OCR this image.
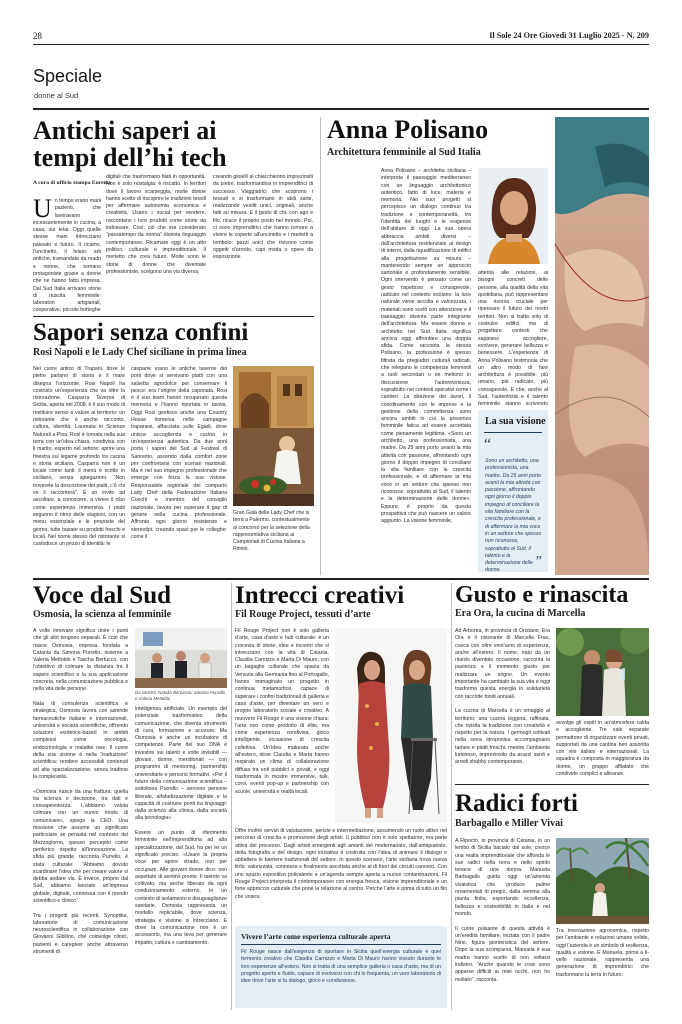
28	Il Sole 24 Ore Giovedì 31 Luglio 2025 - N. 209
Speciale
donne al Sud
Antichi saperi ai
tempi dell’hi tech
A cura di ufficio stampa Eurema
U n tempo erano mani pazienti, che lavoravano incessantemente in cucina, a casa, sui telai. Oggi quelle stesse mani intrecciano passato e futuro. Il ricamo, l’uncinetto, il telaio: arti antiche, tramandate da madri e nonne, che tornano protagoniste grazie a donne che ne hanno fatto impresa. Dal Sud Italia arrivano storie di riuscita femminile: laboratori artigianali, cooperative, piccole botteghe
digitali che trasformano filati in opportunità. Non è solo nostalgia: è riscatto. In territori dove il lavoro scarseggia, molte donne hanno scelto di riscoprire le tradizioni tessili per affermare autonomia economica e creatività. Usano i social per vendere, raccontano i loro prodotti come storie da indossare. Così, ciò che era considerato “passatempo da nonna” diventa linguaggio contemporaneo. Ricamare oggi è un atto politico, culturale e imprenditoriale. Il merletto che crea futuro. Molte sono le storie di donne che diventate professioniste, scelgono una via diversa,
creando gioielli al chiacchierino impreziositi da pietre, trasformandosi in imprenditrici di successo. Viaggiatrici che scoprono i tessuti e si trasformano in abili sarte, realizzando vestiti unici, originali, anche fatti su misura. E il gesto di chi, con ago e filo, ricuce il proprio posto nel mondo. Poi, ci sono imprenditrici che hanno tornare a vivere le coperte all’uncinetto e i merletti a tombolo: pezzi unici che rivivono come oggetti d’arredo, capi moda o opere da esposizione.
Sapori senza confini
Rosi Napoli e le Lady Chef siciliane in prima linea
Nel cuore antico di Trapani, dove le pietre parlano di storia e il mare disegna l’orizzonte, Rosi Napoli ha costruito un’esperienza che va oltre la ristorazione. Casparra Taverna di Sicilia, aperta nel 2008, è il suo modo di restituire senso e valore al territorio: un ristorante che è anche racconto, cultura, identità. Laureata in Scienze Naturali a Pisa, Rosi è tornata nella sua terra con un’idea chiara, condivisa con il marito, esperto nel settore: aprire una finestra sul legame profondo tra cucina e storia siciliana. Casparra non è un locale come tanti: il menù è scritto in siciliano, senza spiegazioni. “Non troverete la descrizione dei piatti, c’è chi ve li racconterà”. È un invito ad ascoltare, a conoscere, a vivere il cibo come esperienza immersiva. I piatti seguono il ritmo delle stagioni, con un menu essenziale e le proposte del giorno, tutte basate su prodotti freschi e locali. Nel nome stesso del ristorante si custodisce un pezzo di identità: le
casparre erano le antiche taverne dei porti dove si servivano piatti con una salsetta agrodolce per conservare il pesce: era l’origine della caponata. Rosi è il suo team hanno recuperato questa memoria e l’hanno riportata in tavola. Oggi Rosi gestisce anche una Country House immersa nelle campagne trapanesi, affacciata sulle Egadi, dove unisce accoglienza e cucina in un’esperienza autentica. Da due anni porta i sapori del Sud al Festival di Sanremo, ascendo dalla comfort zone per confrontarsi con scenari nazionali. Ma è nel suo impegno professionale che emerge con forza la sua visione. Responsabile regionale del comparto Lady Chef della Federazione Italiana Cuochi e membro del consiglio nazionale, lavora per superare il gap di genere nella cucina professionale. Affronta ogni giorno resistenze e stereotipi, creando spazi per le colleghe: come il
Gran Galà delle Lady Chef che si terrà a Palermo, contestualmente al concorso per la selezione della rappresentativa siciliana ai Campionati di Cucina Italiana a Rimini.
Anna Polisano
Architettura femminile al Sud Italia
Anna Polisano – architetta siciliana – interpreta il paesaggio mediterraneo con un linguaggio architettonico autentico, fatto di luce, materia e memoria. Nei suoi progetti si percepisce un dialogo continuo tra tradizione e contemporaneità, tra l’identità dei luoghi e le esigenze dell’abitare di oggi. La sua opera abbraccia ambiti diversi – dall’architettura residenziale al design di interni, dalla riqualificazione di edifici alla progettazione su misura – mantenendo sempre un approccio sartoriale e profondamente sensibile. Ogni intervento è pensato come un gesto rispettoso e consapevole, radicato nel contesto siciliano: la luce naturale viene accolta e valorizzata, i materiali sono scelti con attenzione e il paesaggio diventa parte integrante dell’architettura. Ma essere donna e architetto nel Sud Italia significa ancora oggi affrontare una doppia sfida. Come racconta la stessa Polisano, la professione è spesso filtrata da pregiudizi culturali radicati, che relegano le competenze femminili a ruoli secondari o ne mettono in discussione l’autorevolezza, soprattutto nei contesti operativi come i cantieri. La direzione dei lavori, il coordinamento con le imprese e la gestione della committenza sono ancora ambiti in cui la presenza femminile fatica ad essere accettata come pienamente legittima. «Sono un architetto, una professionista, una madre. Da 25 anni porto avanti la mia attività con passione, affrontando ogni giorno il doppio impegno di conciliare la vita familiare con la crescita professionale, e di affermare la mia voce in un settore che spesso non riconosce, soprattutto al Sud, il talento e la determinazione delle donne». Eppure, è proprio da questa prospettiva che può nascere un valore aggiunto. La visione femminile,
attenta alle relazioni, ai bisogni concreti delle persone, alla qualità della vita quotidiana, può rappresentare una risorsa cruciale per ripensare il futuro dei nostri territori. Non si tratta solo di costruire edifici, ma di progettare contesti che sappiano accogliere, evolvere, generare bellezza e benessere. L’esperienza di Anna Polisano testimonia che un altro modo di fare architettura è possibile: più umano, più radicato, più consapevole. E che, anche al Sud, l’autenticità e il talento femminile stanno scrivendo
La sua visione
“
Sono un architetto, una professionista, una madre. Da 25 anni porto avanti la mia attività con passione, affrontando ogni giorno il doppio impegno di conciliare la vita familiare con la crescita professionale, e di affermare la mia voce in un settore che spesso non riconosce, soprattutto al Sud, il talento e la determinazione delle donne.
”
Voce dal Sud
Osmosia, la scienza al femminile
A volte innovare significa unire i punti che gli altri tengono separati. È così che nasce Osmosia, impresa fondata a Catania da Simona Purrello, insieme a Valeria Mettoldo e Tascha Bertucco, con l’obiettivo di colmare la distanza tra il sapere scientifico e la sua applicazione concreta, nella comunicazione pubblica e nella vita delle persone.

Nata di consulenza scientifica e strategica, Osmosia lavora con aziende farmaceutiche italiane e internazionali, università e società scientifiche, offrendo soluzioni evidence-based in ambiti complessi come oncologia, endocrinologia e malattie rare. Il cuore della sua visione è nella “traduzione” scientifica: rendere accessibili contenuti ad alta specializzazione, senza tradirne la complessità.

«Osmosia nasce da una frattura: quella tra scienza e decisione, tra dati e consapevolezza. L’abbiamo voluta colmare con un nuovo modo di comunicare», spiega la CEO. Una missione che assume un significato particolare se pensata nel contesto del Mezzogiorno, spesso percepito come periferico rispetto all’innovazione. La sfida più grande, racconta Purrello, è stata culturale: “Abbiamo dovuto scardinare l’idea che per creare valore si debba andare via. È invece, proprio dal Sud, abbiamo lanciato un’impresa globale, digitale, connessa con il mondo scientifico e clinico”.

Tra i progetti più recenti, Synoptika, laboratorio di comunicazione neuroscientifica in collaborazione con Giovanni Gibilino, che coinvolge clinici, pazienti e caregiver anche attraverso strumenti di
Da sinistra: Natalia Bertuccio, Simona Purrello e Valeria Mettoldo
intelligenza artificiale. Un esempio del potenziale trasformativo della comunicazione, che diventa strumento di cura, formazione e accesso. Ma Osmosia è anche un incubatore di competenze. Parte del suo DNA è investire sui talenti e volte invisibili — giovani, donne, meridionali — con programmi di mentoring, partnership universitarie e percorsi formativi. «Per il futuro della comunicazione scientifica – sottolinea Purrello – servono persone liberale, alfabetizzazione digitale e la capacità di costruire ponti tra linguaggi: dalla scienza alla clinica, dalla società alla tecnologia».

Essere un punto di riferimento femminile nell’imprenditoria ad alta specializzazione, dal Sud, ha per lei un significato preciso: «Usare la propria voce per aprire strade, non per occupare. Alle giovani donne dico: non aspettate di sentirvi pronte. Il talento va coltivato, ma anche liberato da ogni condizionamento esterno. In un contesto di isolamento e disuguaglianze sanitarie, Osmosia rappresenta un modello replicabile, dove scienza, strategia e visione si intrecciano. E dove la comunicazione non è un accessorio, ma una leva per generare impatto, cultura e cambiamento.
Intrecci creativi
Fil Rouge Project, tessuti d’arte
Fil Rouge Project non è solo galleria d’arte, casa d’aste e hub culturale: è un crocevia di storie, idee e incontri che si intrecciano con la vita di Catania. Claudia Carnizzo e Marta Di Mauro, con un bagaglio culturale che spazia da Venezia alla Germania fino al Portogallo, hanno immaginato un progetto in continua metamorfosi, capace di superare i confini tradizionali di galleria e casa d’aste, per diventare un vero e proprio laboratorio sociale e creativo. A muovere Fil Rouge è una visione chiara: l’arte non come prodotto di élite, ma come esperienza condivisa, gioco intelligente, occasione di crescita collettiva. Un’idea maturata anche all’estero, dove Claudia e Marta hanno respirato un clima di collaborazione diffusa tra enti pubblici e privati, e oggi trasformata in mostre immersive, talk, corsi, eventi pop-up e partnership con scuole, università e realtà locali.
Offre inoltre servizi di valutazione, perizie e intermediazione, assumendo un ruolo attivo nel percorso di crescita e promozione degli artisti. Il pubblico non è solo spettatore, ma parte attiva del processo. Dagli artisti emergenti agli amanti del modernariato, dall’antiquariato, della fotografia e del design, ogni iniziativa è costruita con l’idea di animare il dialogo e abbattere le barriere tradizionali del settore. In questo scenario, l’arte siciliana trova nuova linfa: valorizzata, connessa e finalmente ascoltata anche al di fuori dei circuiti canonici. Con uno spazio espositivo polivalente e un’agenda sempre aperta a nuove contaminazioni, Fil Rouge Project interpreta il contemporaneo con energia fresca, visione imprenditoriale e un forte approccio culturale che pone la relazione al centro. Perché l’arte è prima di tutto un filo che unisce.
Vivere l’arte come esperienza culturale aperta
Fil Rouge nasce dall’esigenza di riportare in Sicilia quell’energia culturale e quel fermento creativo che Claudia Carnizzo e Marta Di Mauro hanno vissuto durante le loro esperienze all’estero. Non si tratta di una semplice galleria o casa d’aste, ma di un progetto aperto e fluido, capace di evolversi con chi lo frequenta, un vero laboratorio di idee dove l’arte si fa dialogo, gioco e condivisione.
Gusto e rinascita
Era Ora, la cucina di Marcella
Ad Arborea, in provincia di Oristano, Era Ora è il ristorante di Marcella Frau, cuoca con oltre vent’anni di esperienza, anche all’estero. Il nome, nato da un ritardo diventato occasione, racconta la pazienza e il momento giusto per realizzare un sogno. Un evento importante ha cambiato la sua vita e oggi trasforma questa energia in solidarietà con raccolte fondi annuali.

La cucina di Marcella è un omaggio al territorio: una cucina leggera, raffinata, che rivisita la tradizione con creatività e rispetto per la natura. I germogli coltivati nella serra idroponica accompagnano tartare e piatti freschi, mentre l’ambiente luminoso, impreziosito da arazzi sardi e arredi shabby contemporanei,
avvolge gli ospiti in un’atmosfera calda e accogliente. Tre sale separate permettono di organizzare eventi privati, supportati da una cantina ben assortita con vini italiani e internazionali. La squadra è composta in maggioranza da donne, un gruppo affiatato che condivide complici e alleanze.
Radici forti
Barbagallo e Miller Vivai
A Ripocto, in provincia di Catania, in un lembo di Sicilia baciato dal sole, cresce una realtà imprenditoriale che affonda le sue radici nella terra e nello spirito tenace di una donna. Manuela Barbagallo guida oggi un’azienda vivaistica che produce palme ornamentali di pregio, dalla semina alla pianta finita, esportando eccellenza, bellezza e sostenibilità in Italia e nel mondo.

Il cuore pulsante di questa attività è un’eredità familiare, iniziata con il padre Nino, figura pionieristica del settore. Dopo la sua scomparsa, Manuela è sua madre hanno scelto di non voltarsi indietro. “Anche quando le cose sono apparse difficili ai miei occhi, non ho mollato”, racconta.
Tra innovazione agronomica, rispetto per l’ambiente e relazioni umane solide, oggi l’azienda è un simbolo di resilienza, qualità e visione. E Manuela, prima a li-vello nazionale, rappresenta una generazione di imprenditrici che trasformano la terra in futuro.
